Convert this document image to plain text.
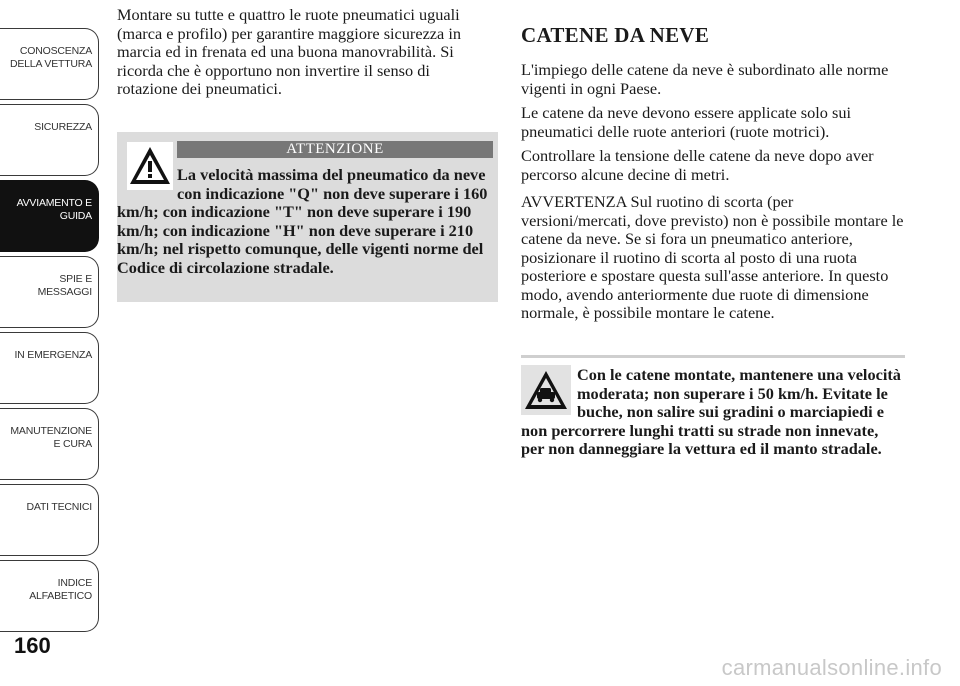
CONOSCENZA DELLA VETTURA
SICUREZZA
AVVIAMENTO E GUIDA
SPIE E MESSAGGI
IN EMERGENZA
MANUTENZIONE E CURA
DATI TECNICI
INDICE ALFABETICO
160

Montare su tutte e quattro le ruote pneumatici uguali (marca e profilo) per garantire maggiore sicurezza in marcia ed in frenata ed una buona manovrabilità. Si ricorda che è opportuno non invertire il senso di rotazione dei pneumatici.

ATTENZIONE

La velocità massima del pneumatico da neve con indicazione "Q" non deve superare i 160 km/h; con indicazione "T" non deve superare i 190 km/h; con indicazione "H" non deve superare i 210 km/h; nel rispetto comunque, delle vigenti norme del Codice di circolazione stradale.

CATENE DA NEVE

L'impiego delle catene da neve è subordinato alle norme vigenti in ogni Paese.

Le catene da neve devono essere applicate solo sui pneumatici delle ruote anteriori (ruote motrici).

Controllare la tensione delle catene da neve dopo aver percorso alcune decine di metri.

AVVERTENZA Sul ruotino di scorta (per versioni/mercati, dove previsto) non è possibile montare le catene da neve. Se si fora un pneumatico anteriore, posizionare il ruotino di scorta al posto di una ruota posteriore e spostare questa sull'asse anteriore. In questo modo, avendo anteriormente due ruote di dimensione normale, è possibile montare le catene.

Con le catene montate, mantenere una velocità moderata; non superare i 50 km/h. Evitate le buche, non salire sui gradini o marciapiedi e non percorrere lunghi tratti su strade non innevate, per non danneggiare la vettura ed il manto stradale.

carmanualsonline.info
